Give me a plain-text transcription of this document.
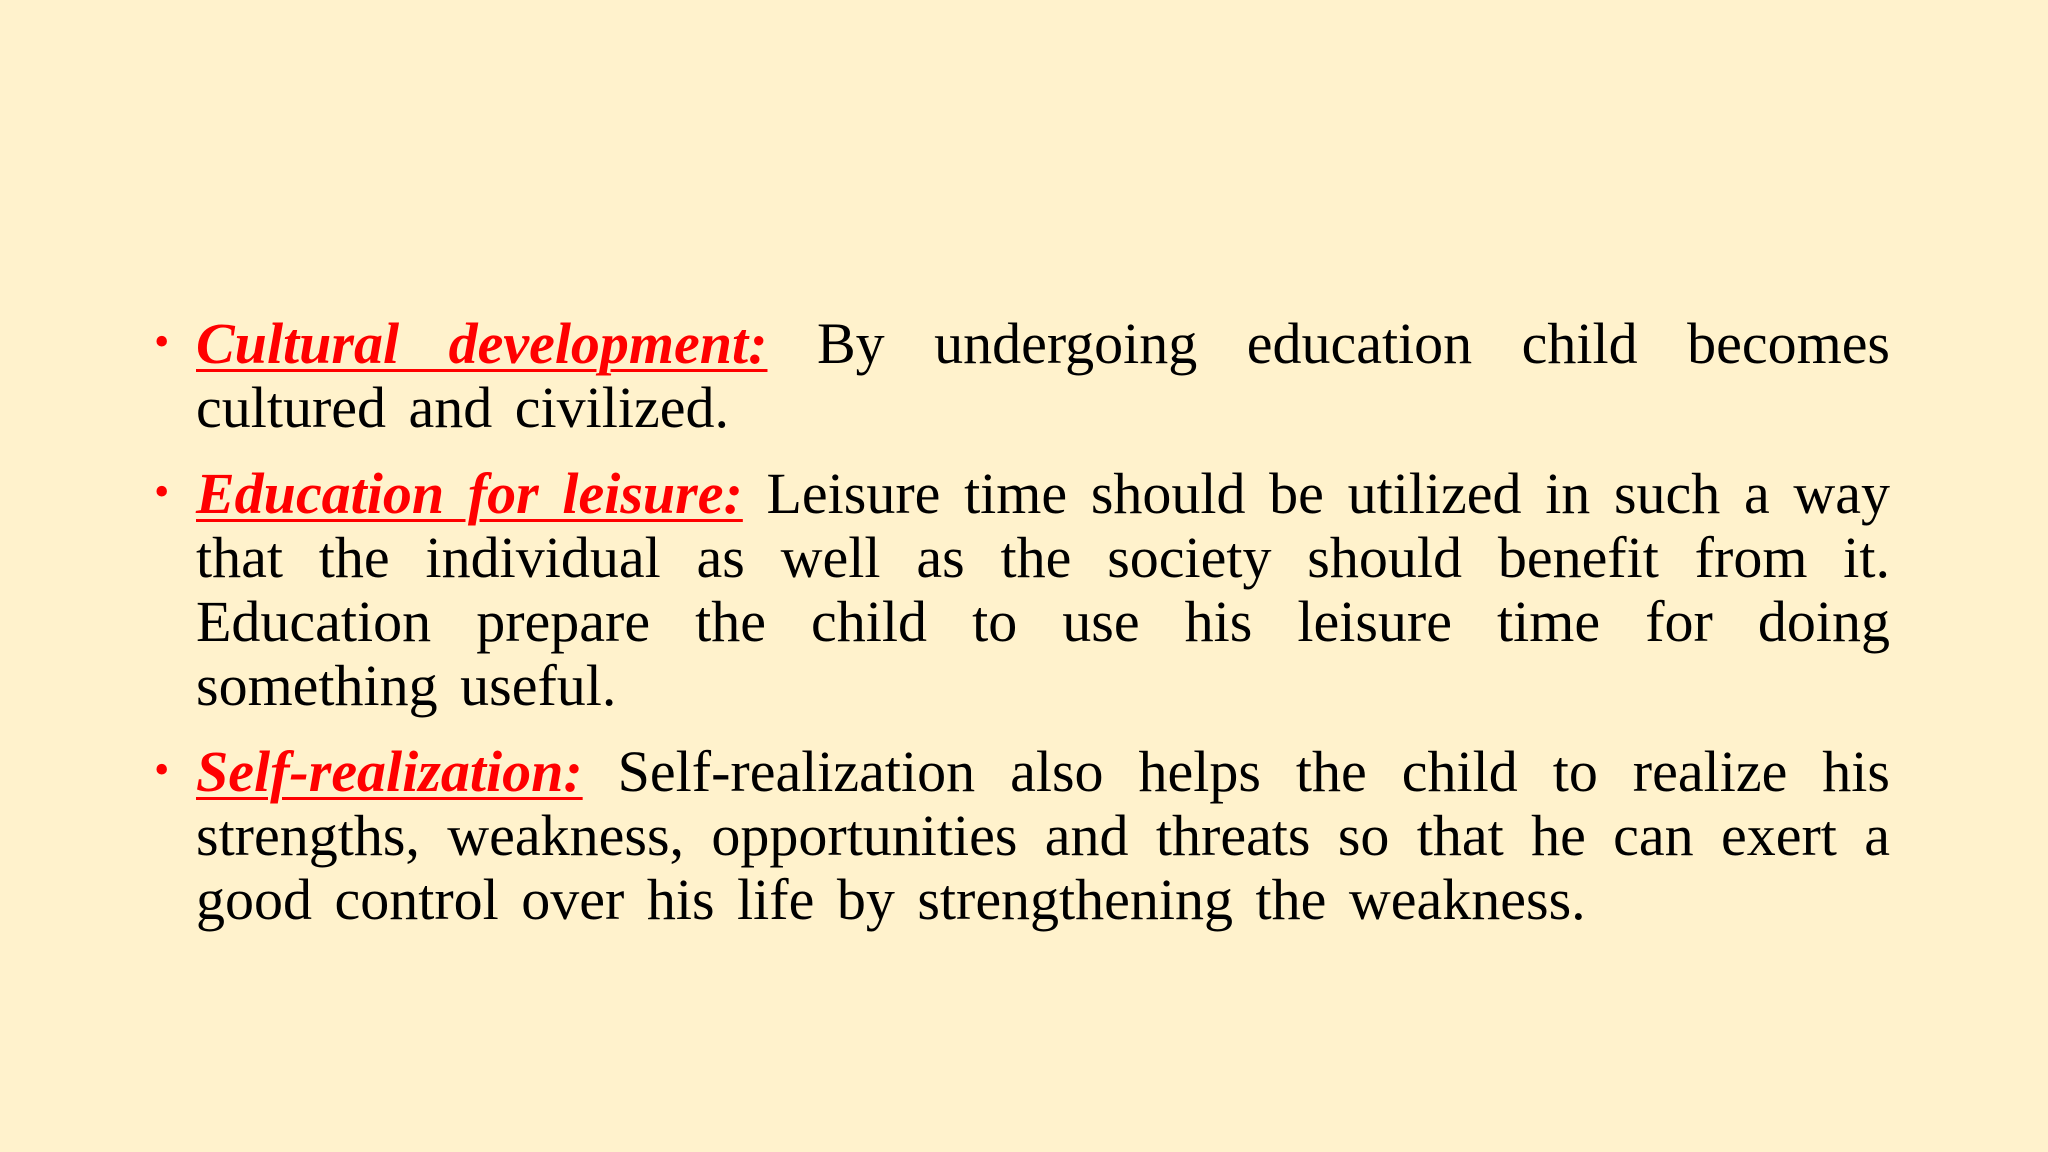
• Cultural development: By undergoing education child becomes cultured and civilized.
• Education for leisure: Leisure time should be utilized in such a way that the individual as well as the society should benefit from it. Education prepare the child to use his leisure time for doing something useful.
• Self-realization: Self-realization also helps the child to realize his strengths, weakness, opportunities and threats so that he can exert a good control over his life by strengthening the weakness.
